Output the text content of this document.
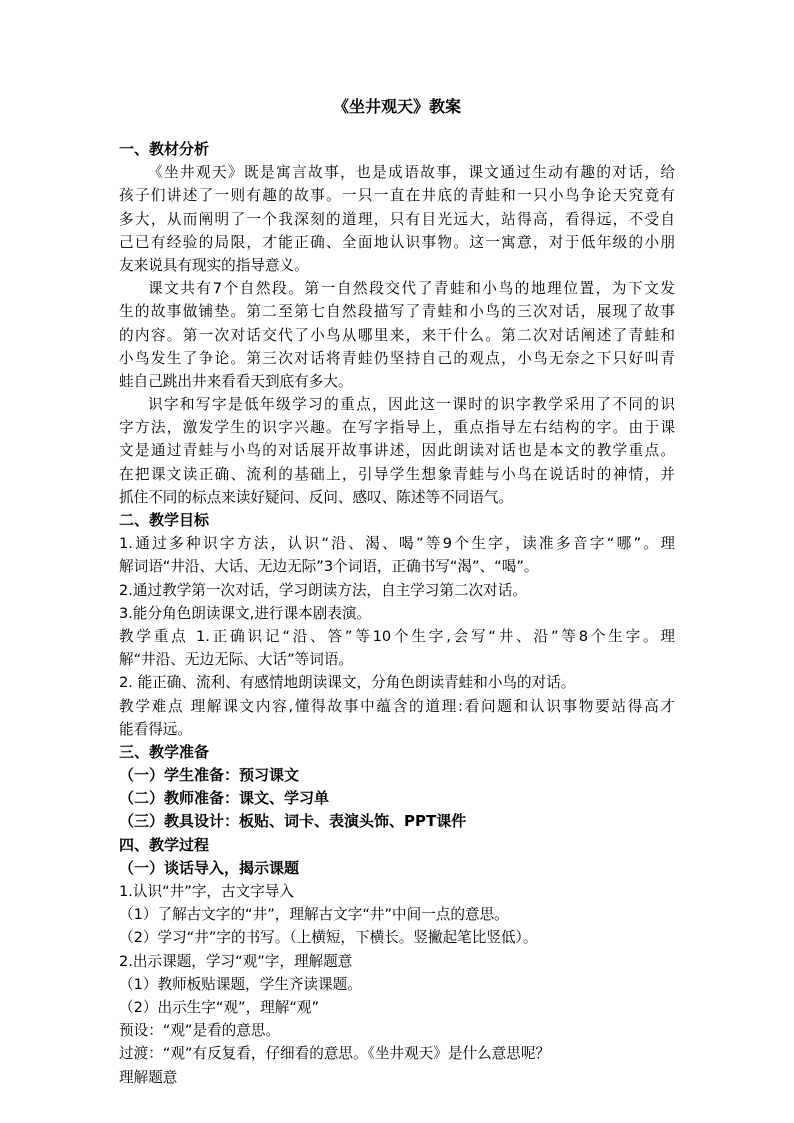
《坐井观天》教案
一、教材分析
《坐井观天》既是寓言故事，也是成语故事，课文通过生动有趣的对话，给
孩子们讲述了一则有趣的故事。一只一直在井底的青蛙和一只小鸟争论天究竟有
多大，从而阐明了一个我深刻的道理，只有目光远大，站得高，看得远，不受自
己已有经验的局限，才能正确、全面地认识事物。这一寓意，对于低年级的小朋
友来说具有现实的指导意义。
课文共有7个自然段。第一自然段交代了青蛙和小鸟的地理位置，为下文发
生的故事做铺垫。第二至第七自然段描写了青蛙和小鸟的三次对话，展现了故事
的内容。第一次对话交代了小鸟从哪里来，来干什么。第二次对话阐述了青蛙和
小鸟发生了争论。第三次对话将青蛙仍坚持自己的观点，小鸟无奈之下只好叫青
蛙自己跳出井来看看天到底有多大。
识字和写字是低年级学习的重点，因此这一课时的识字教学采用了不同的识
字方法，激发学生的识字兴趣。在写字指导上，重点指导左右结构的字。由于课
文是通过青蛙与小鸟的对话展开故事讲述，因此朗读对话也是本文的教学重点。
在把课文读正确、流利的基础上，引导学生想象青蛙与小鸟在说话时的神情，并
抓住不同的标点来读好疑问、反问、感叹、陈述等不同语气。
二、教学目标
1.通过多种识字方法，认识“沿、渴、喝”等9个生字，读准多音字“哪”。理
解词语“井沿、大话、无边无际”3个词语，正确书写“渴”、“喝”。
2.通过教学第一次对话，学习朗读方法，自主学习第二次对话。
3.能分角色朗读课文,进行课本剧表演。
教学重点 1.正确识记“沿、答”等10个生字,会写“井、沿”等8个生字。理
解“井沿、无边无际、大话”等词语。
2. 能正确、流利、有感情地朗读课文，分角色朗读青蛙和小鸟的对话。
教学难点 理解课文内容,懂得故事中蕴含的道理:看问题和认识事物要站得高才
能看得远。
三、教学准备
（一）学生准备：预习课文
（二）教师准备：课文、学习单
（三）教具设计：板贴、词卡、表演头饰、PPT课件
四、教学过程
（一）谈话导入，揭示课题
1.认识“井”字，古文字导入
（1）了解古文字的“井”，理解古文字“井”中间一点的意思。
（2）学习“井”字的书写。（上横短，下横长。竖撇起笔比竖低）。
2.出示课题，学习“观”字，理解题意
（1）教师板贴课题，学生齐读课题。
（2）出示生字“观”，理解“观”
预设：“观”是看的意思。
过渡：“观”有反复看，仔细看的意思。《坐井观天》是什么意思呢？
理解题意
